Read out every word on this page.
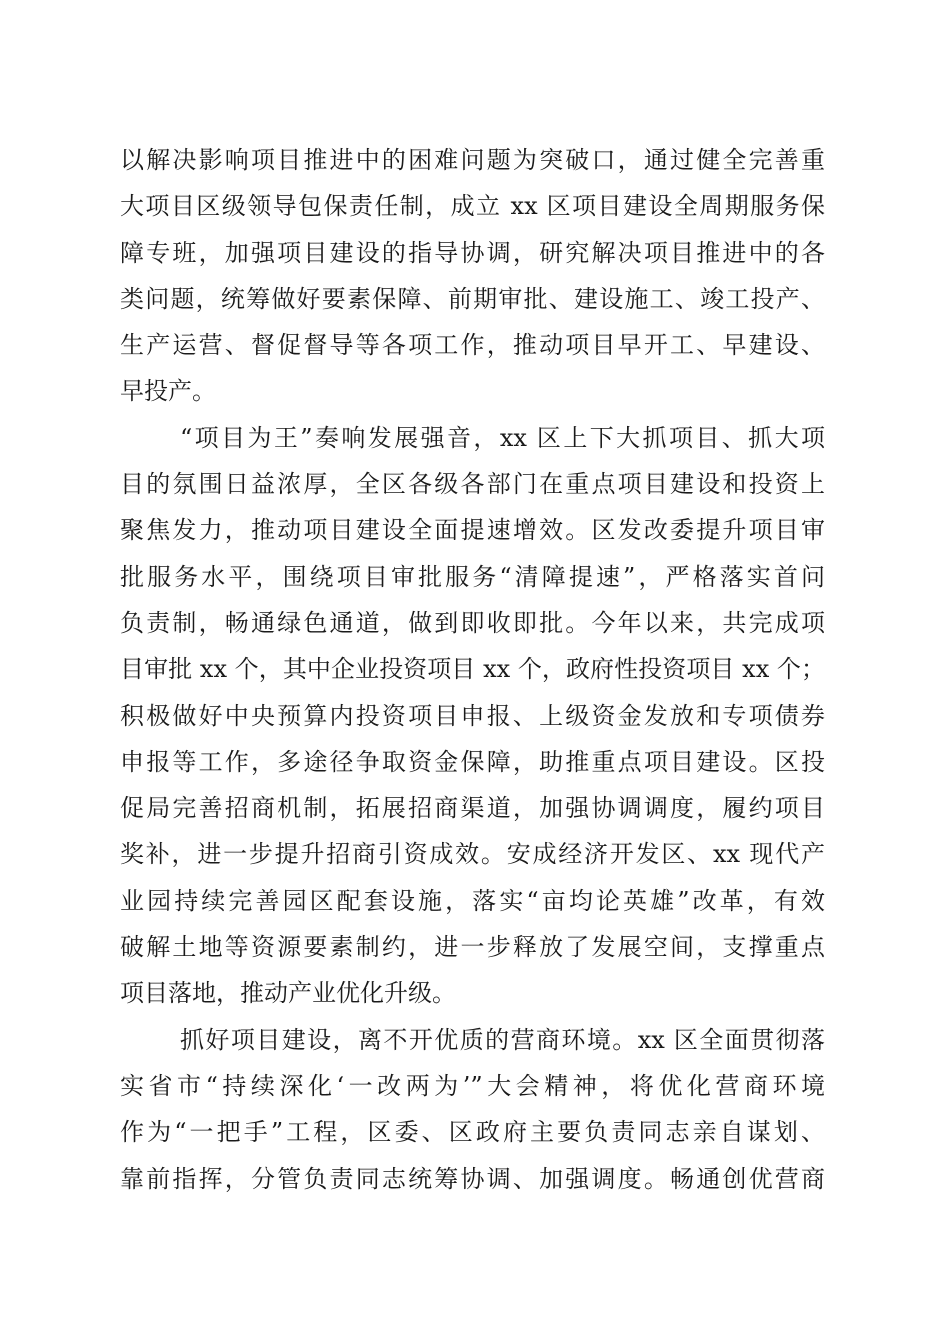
以解决影响项目推进中的困难问题为突破口，通过健全完善重
大项目区级领导包保责任制，成立 xx 区项目建设全周期服务保
障专班，加强项目建设的指导协调，研究解决项目推进中的各
类问题，统筹做好要素保障、前期审批、建设施工、竣工投产、
生产运营、督促督导等各项工作，推动项目早开工、早建设、
早投产。
“项目为王”奏响发展强音，xx 区上下大抓项目、抓大项
目的氛围日益浓厚，全区各级各部门在重点项目建设和投资上
聚焦发力，推动项目建设全面提速增效。区发改委提升项目审
批服务水平，围绕项目审批服务“清障提速”，严格落实首问
负责制，畅通绿色通道，做到即收即批。今年以来，共完成项
目审批 xx 个，其中企业投资项目 xx 个，政府性投资项目 xx 个；
积极做好中央预算内投资项目申报、上级资金发放和专项债券
申报等工作，多途径争取资金保障，助推重点项目建设。区投
促局完善招商机制，拓展招商渠道，加强协调调度，履约项目
奖补，进一步提升招商引资成效。安成经济开发区、xx 现代产
业园持续完善园区配套设施，落实“亩均论英雄”改革，有效
破解土地等资源要素制约，进一步释放了发展空间，支撑重点
项目落地，推动产业优化升级。
抓好项目建设，离不开优质的营商环境。xx 区全面贯彻落
实省市“持续深化‘一改两为’”大会精神，将优化营商环境
作为“一把手”工程，区委、区政府主要负责同志亲自谋划、
靠前指挥，分管负责同志统筹协调、加强调度。畅通创优营商
